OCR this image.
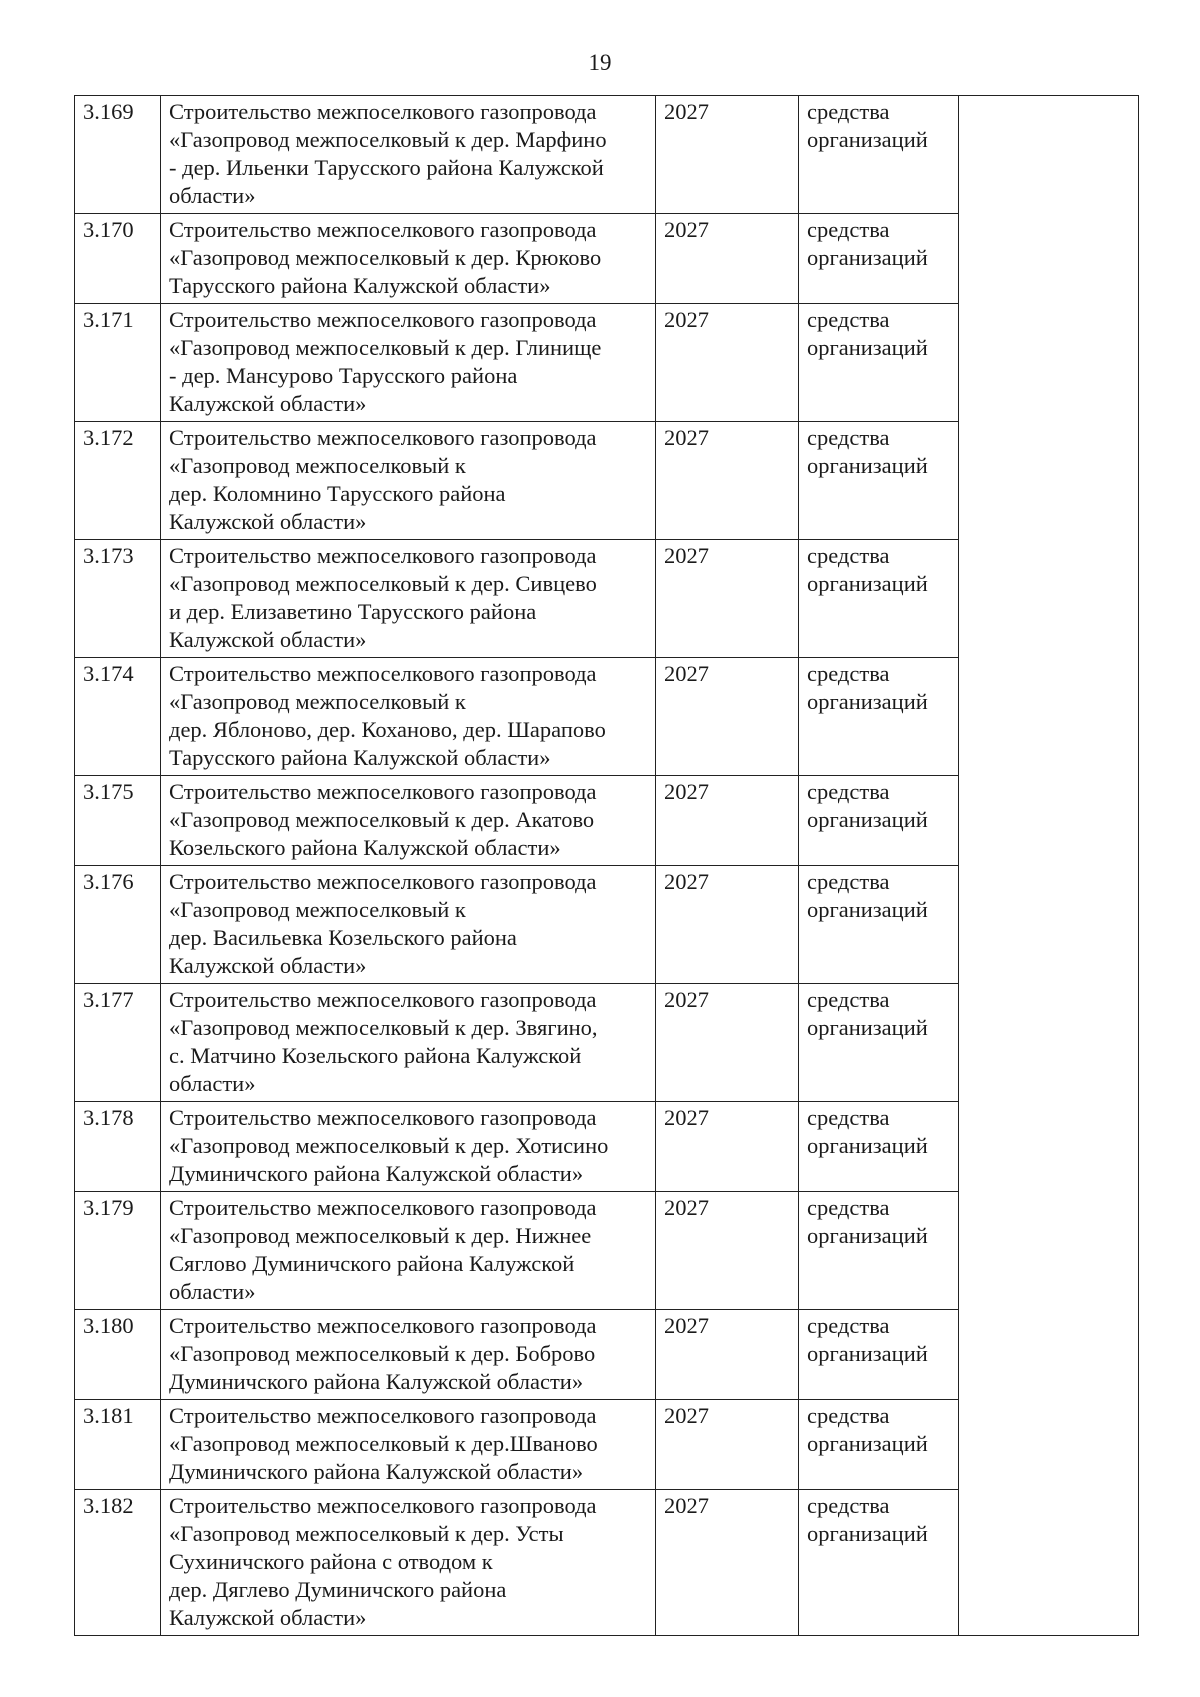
19
3.169	Строительство межпоселкового газопровода
«Газопровод межпоселковый к дер. Марфино
- дер. Ильенки Тарусского района Калужской
области»	2027	средства
организаций	

3.170	Строительство межпоселкового газопровода
«Газопровод межпоселковый к дер. Крюково
Тарусского района Калужской области»	2027	средства
организаций	

3.171	Строительство межпоселкового газопровода
«Газопровод межпоселковый к дер. Глинище
- дер. Мансурово Тарусского района
Калужской области»	2027	средства
организаций	

3.172	Строительство межпоселкового газопровода
«Газопровод межпоселковый к
дер. Коломнино Тарусского района
Калужской области»	2027	средства
организаций	

3.173	Строительство межпоселкового газопровода
«Газопровод межпоселковый к дер. Сивцево
и дер. Елизаветино Тарусского района
Калужской области»	2027	средства
организаций	

3.174	Строительство межпоселкового газопровода
«Газопровод межпоселковый к
дер. Яблоново, дер. Коханово, дер. Шарапово
Тарусского района Калужской области»	2027	средства
организаций	

3.175	Строительство межпоселкового газопровода
«Газопровод межпоселковый к дер. Акатово
Козельского района Калужской области»	2027	средства
организаций	

3.176	Строительство межпоселкового газопровода
«Газопровод межпоселковый к
дер. Васильевка Козельского района
Калужской области»	2027	средства
организаций	

3.177	Строительство межпоселкового газопровода
«Газопровод межпоселковый к дер. Звягино,
с. Матчино Козельского района Калужской
области»	2027	средства
организаций	

3.178	Строительство межпоселкового газопровода
«Газопровод межпоселковый к дер. Хотисино
Думиничского района Калужской области»	2027	средства
организаций	

3.179	Строительство межпоселкового газопровода
«Газопровод межпоселковый к дер. Нижнее
Сяглово Думиничского района Калужской
области»	2027	средства
организаций	

3.180	Строительство межпоселкового газопровода
«Газопровод межпоселковый к дер. Боброво
Думиничского района Калужской области»	2027	средства
организаций	

3.181	Строительство межпоселкового газопровода
«Газопровод межпоселковый к дер.Шваново
Думиничского района Калужской области»	2027	средства
организаций	

3.182	Строительство межпоселкового газопровода
«Газопровод межпоселковый к дер. Усты
Сухиничского района с отводом к
дер. Дяглево Думиничского района
Калужской области»	2027	средства
организаций	
